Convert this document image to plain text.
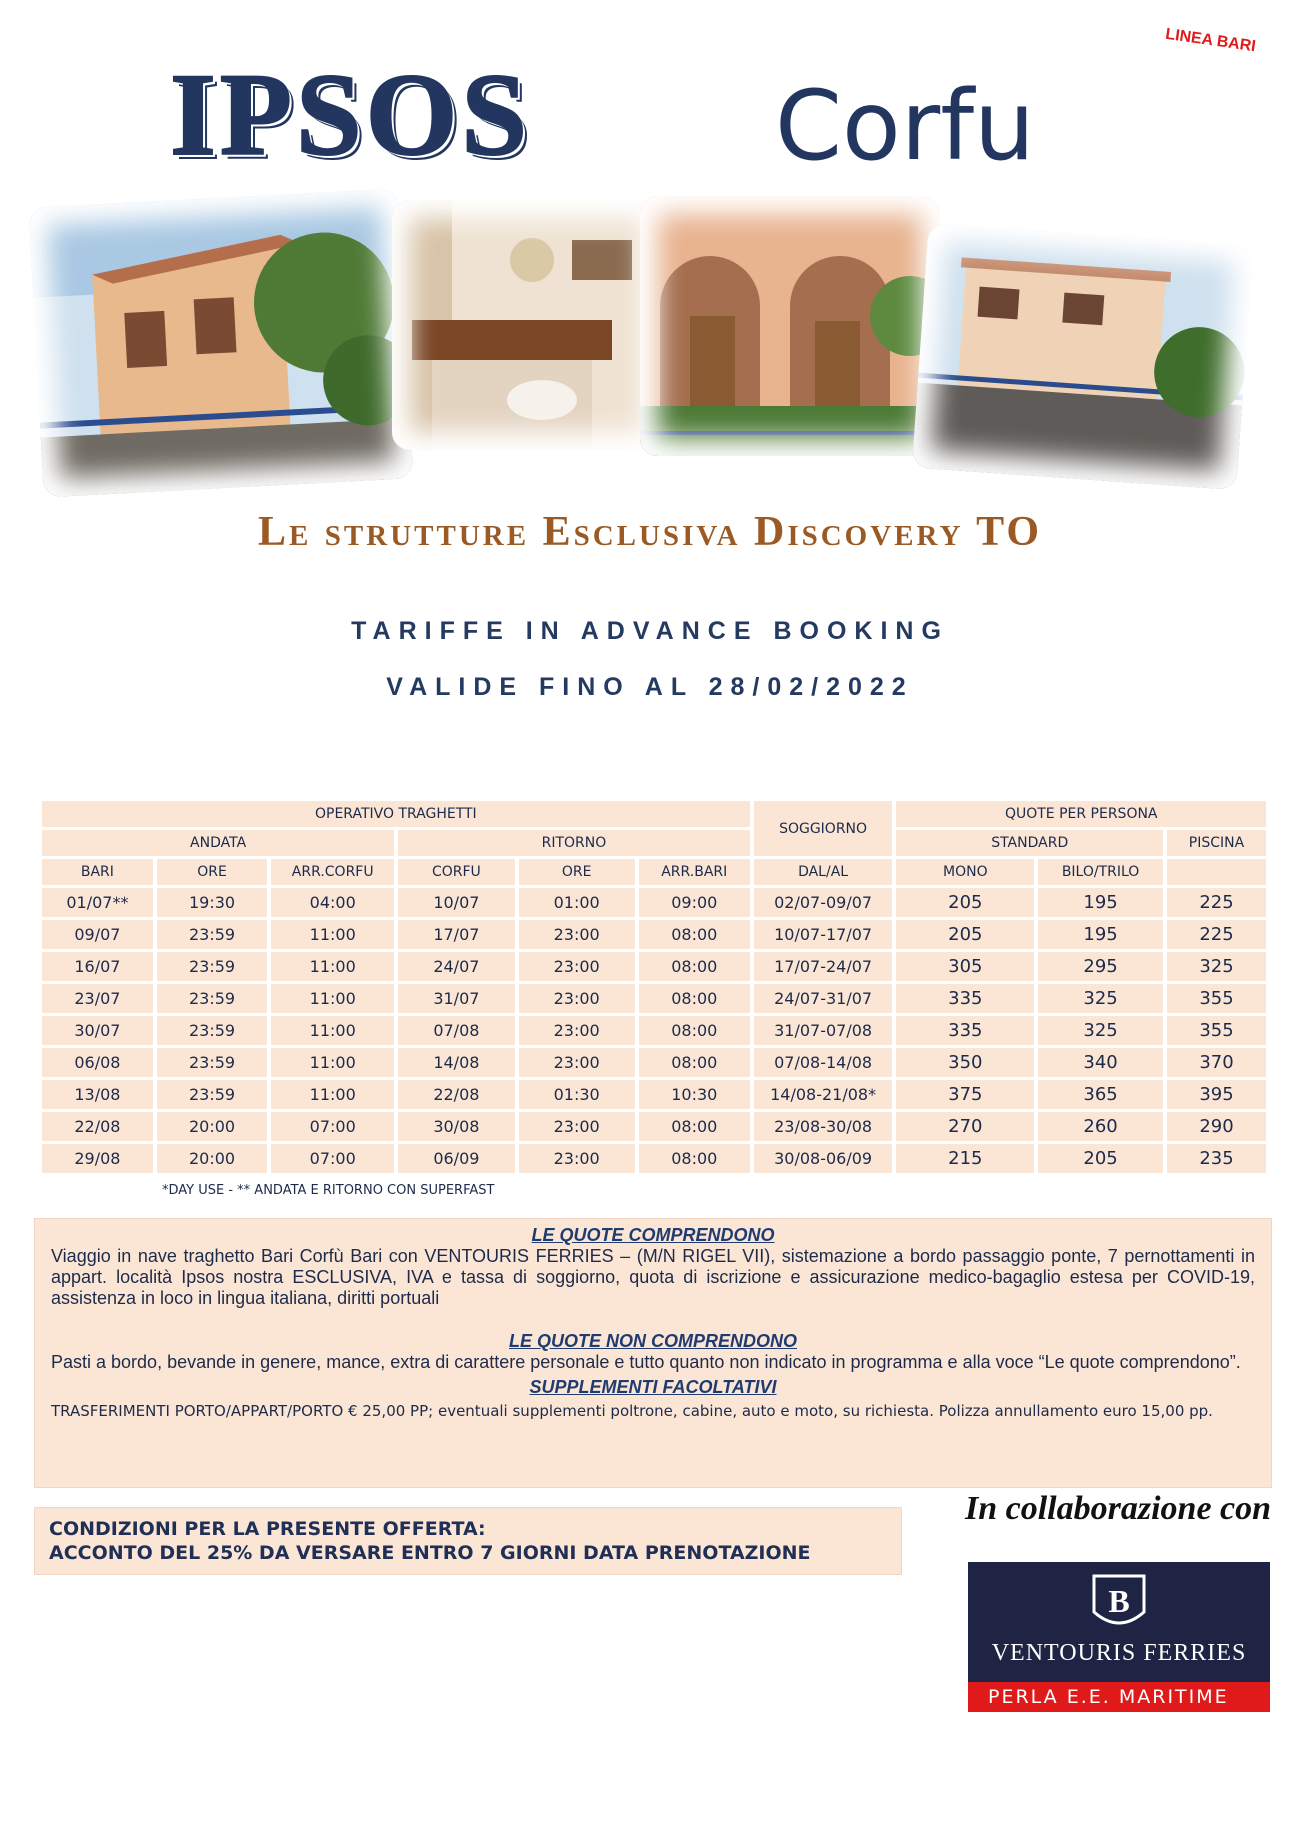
IPSOS	Corfu
LINEA BARI
Le strutture Esclusiva Discovery TO
TARIFFE IN ADVANCE BOOKING
VALIDE FINO AL 28/02/2022
OPERATIVO TRAGHETTI						SOGGIORNO	QUOTE PER PERSONA		
ANDATA			RITORNO				STANDARD		PISCINA
BARI	ORE	ARR.CORFU	CORFU	ORE	ARR.BARI	DAL/AL	MONO	BILO/TRILO	
01/07**	19:30	04:00	10/07	01:00	09:00	02/07-09/07	205	195	225
09/07	23:59	11:00	17/07	23:00	08:00	10/07-17/07	205	195	225
16/07	23:59	11:00	24/07	23:00	08:00	17/07-24/07	305	295	325
23/07	23:59	11:00	31/07	23:00	08:00	24/07-31/07	335	325	355
30/07	23:59	11:00	07/08	23:00	08:00	31/07-07/08	335	325	355
06/08	23:59	11:00	14/08	23:00	08:00	07/08-14/08	350	340	370
13/08	23:59	11:00	22/08	01:30	10:30	14/08-21/08*	375	365	395
22/08	20:00	07:00	30/08	23:00	08:00	23/08-30/08	270	260	290
29/08	20:00	07:00	06/09	23:00	08:00	30/08-06/09	215	205	235
*DAY USE - ** ANDATA E RITORNO CON SUPERFAST

LE QUOTE COMPRENDONO

Viaggio in nave traghetto Bari Corfù Bari con VENTOURIS FERRIES – (M/N RIGEL VII), sistemazione a bordo passaggio ponte, 7 pernottamenti in appart. località Ipsos nostra ESCLUSIVA, IVA e tassa di soggiorno, quota di iscrizione e assicurazione medico-bagaglio estesa per COVID-19, assistenza in loco in lingua italiana, diritti portuali

LE QUOTE NON COMPRENDONO

Pasti a bordo, bevande in genere, mance, extra di carattere personale e tutto quanto non indicato in programma e alla voce “Le quote comprendono”.

SUPPLEMENTI FACOLTATIVI

TRASFERIMENTI PORTO/APPART/PORTO € 25,00 PP; eventuali supplementi poltrone, cabine, auto e moto, su richiesta. Polizza annullamento euro 15,00 pp.

CONDIZIONI PER LA PRESENTE OFFERTA:
ACCONTO DEL 25% DA VERSARE ENTRO 7 GIORNI DATA PRENOTAZIONE
In collaborazione con
B
VENTOURIS FERRIES
PERLA E.E. MARITIME
